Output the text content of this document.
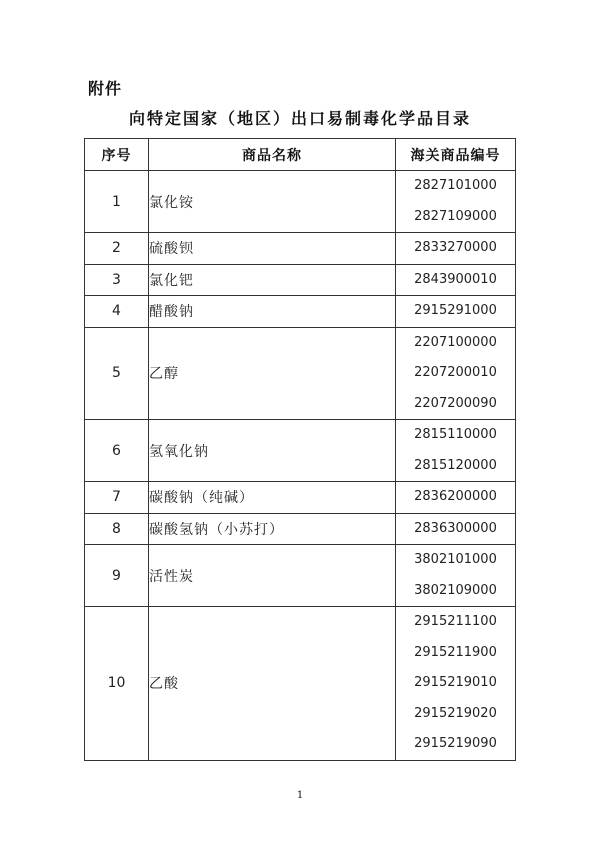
附件
向特定国家（地区）出口易制毒化学品目录
序号	商品名称	海关商品编号
1	氯化铵	2827101000
2827109000

2	硫酸钡	2833270000

3	氯化钯	2843900010

4	醋酸钠	2915291000

5	乙醇	2207100000
2207200010
2207200090

6	氢氧化钠	2815110000
2815120000

7	碳酸钠（纯碱）	2836200000

8	碳酸氢钠（小苏打）	2836300000

9	活性炭	3802101000
3802109000

10	乙酸	2915211100
2915211900
2915219010
2915219020
2915219090
1
